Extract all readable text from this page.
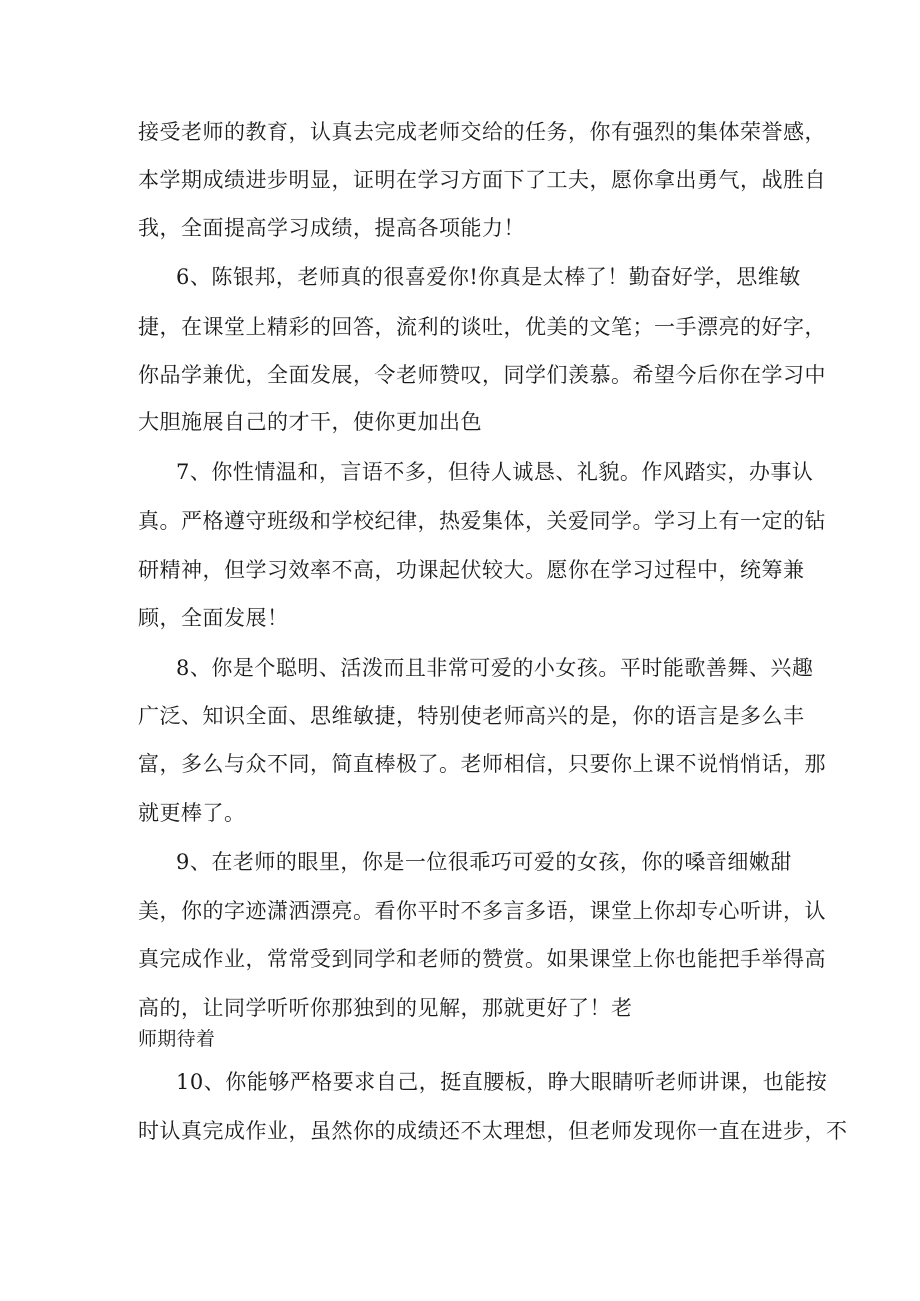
接受老师的教育，认真去完成老师交给的任务，你有强烈的集体荣誉感，
本学期成绩进步明显，证明在学习方面下了工夫，愿你拿出勇气，战胜自
我，全面提高学习成绩，提高各项能力！
6、陈银邦，老师真的很喜爱你!你真是太棒了！勤奋好学，思维敏
捷，在课堂上精彩的回答，流利的谈吐，优美的文笔；一手漂亮的好字，
你品学兼优，全面发展，令老师赞叹，同学们羡慕。希望今后你在学习中
大胆施展自己的才干，使你更加出色
7、你性情温和，言语不多，但待人诚恳、礼貌。作风踏实，办事认
真。严格遵守班级和学校纪律，热爱集体，关爱同学。学习上有一定的钻
研精神，但学习效率不高，功课起伏较大。愿你在学习过程中，统筹兼
顾，全面发展！
8、你是个聪明、活泼而且非常可爱的小女孩。平时能歌善舞、兴趣
广泛、知识全面、思维敏捷，特别使老师高兴的是，你的语言是多么丰
富，多么与众不同，简直棒极了。老师相信，只要你上课不说悄悄话，那
就更棒了。
9、在老师的眼里，你是一位很乖巧可爱的女孩，你的嗓音细嫩甜
美，你的字迹潇洒漂亮。看你平时不多言多语，课堂上你却专心听讲，认
真完成作业，常常受到同学和老师的赞赏。如果课堂上你也能把手举得高
高的，让同学听听你那独到的见解，那就更好了！老
师期待着
10、你能够严格要求自己，挺直腰板，睁大眼睛听老师讲课，也能按
时认真完成作业，虽然你的成绩还不太理想，但老师发现你一直在进步，不
